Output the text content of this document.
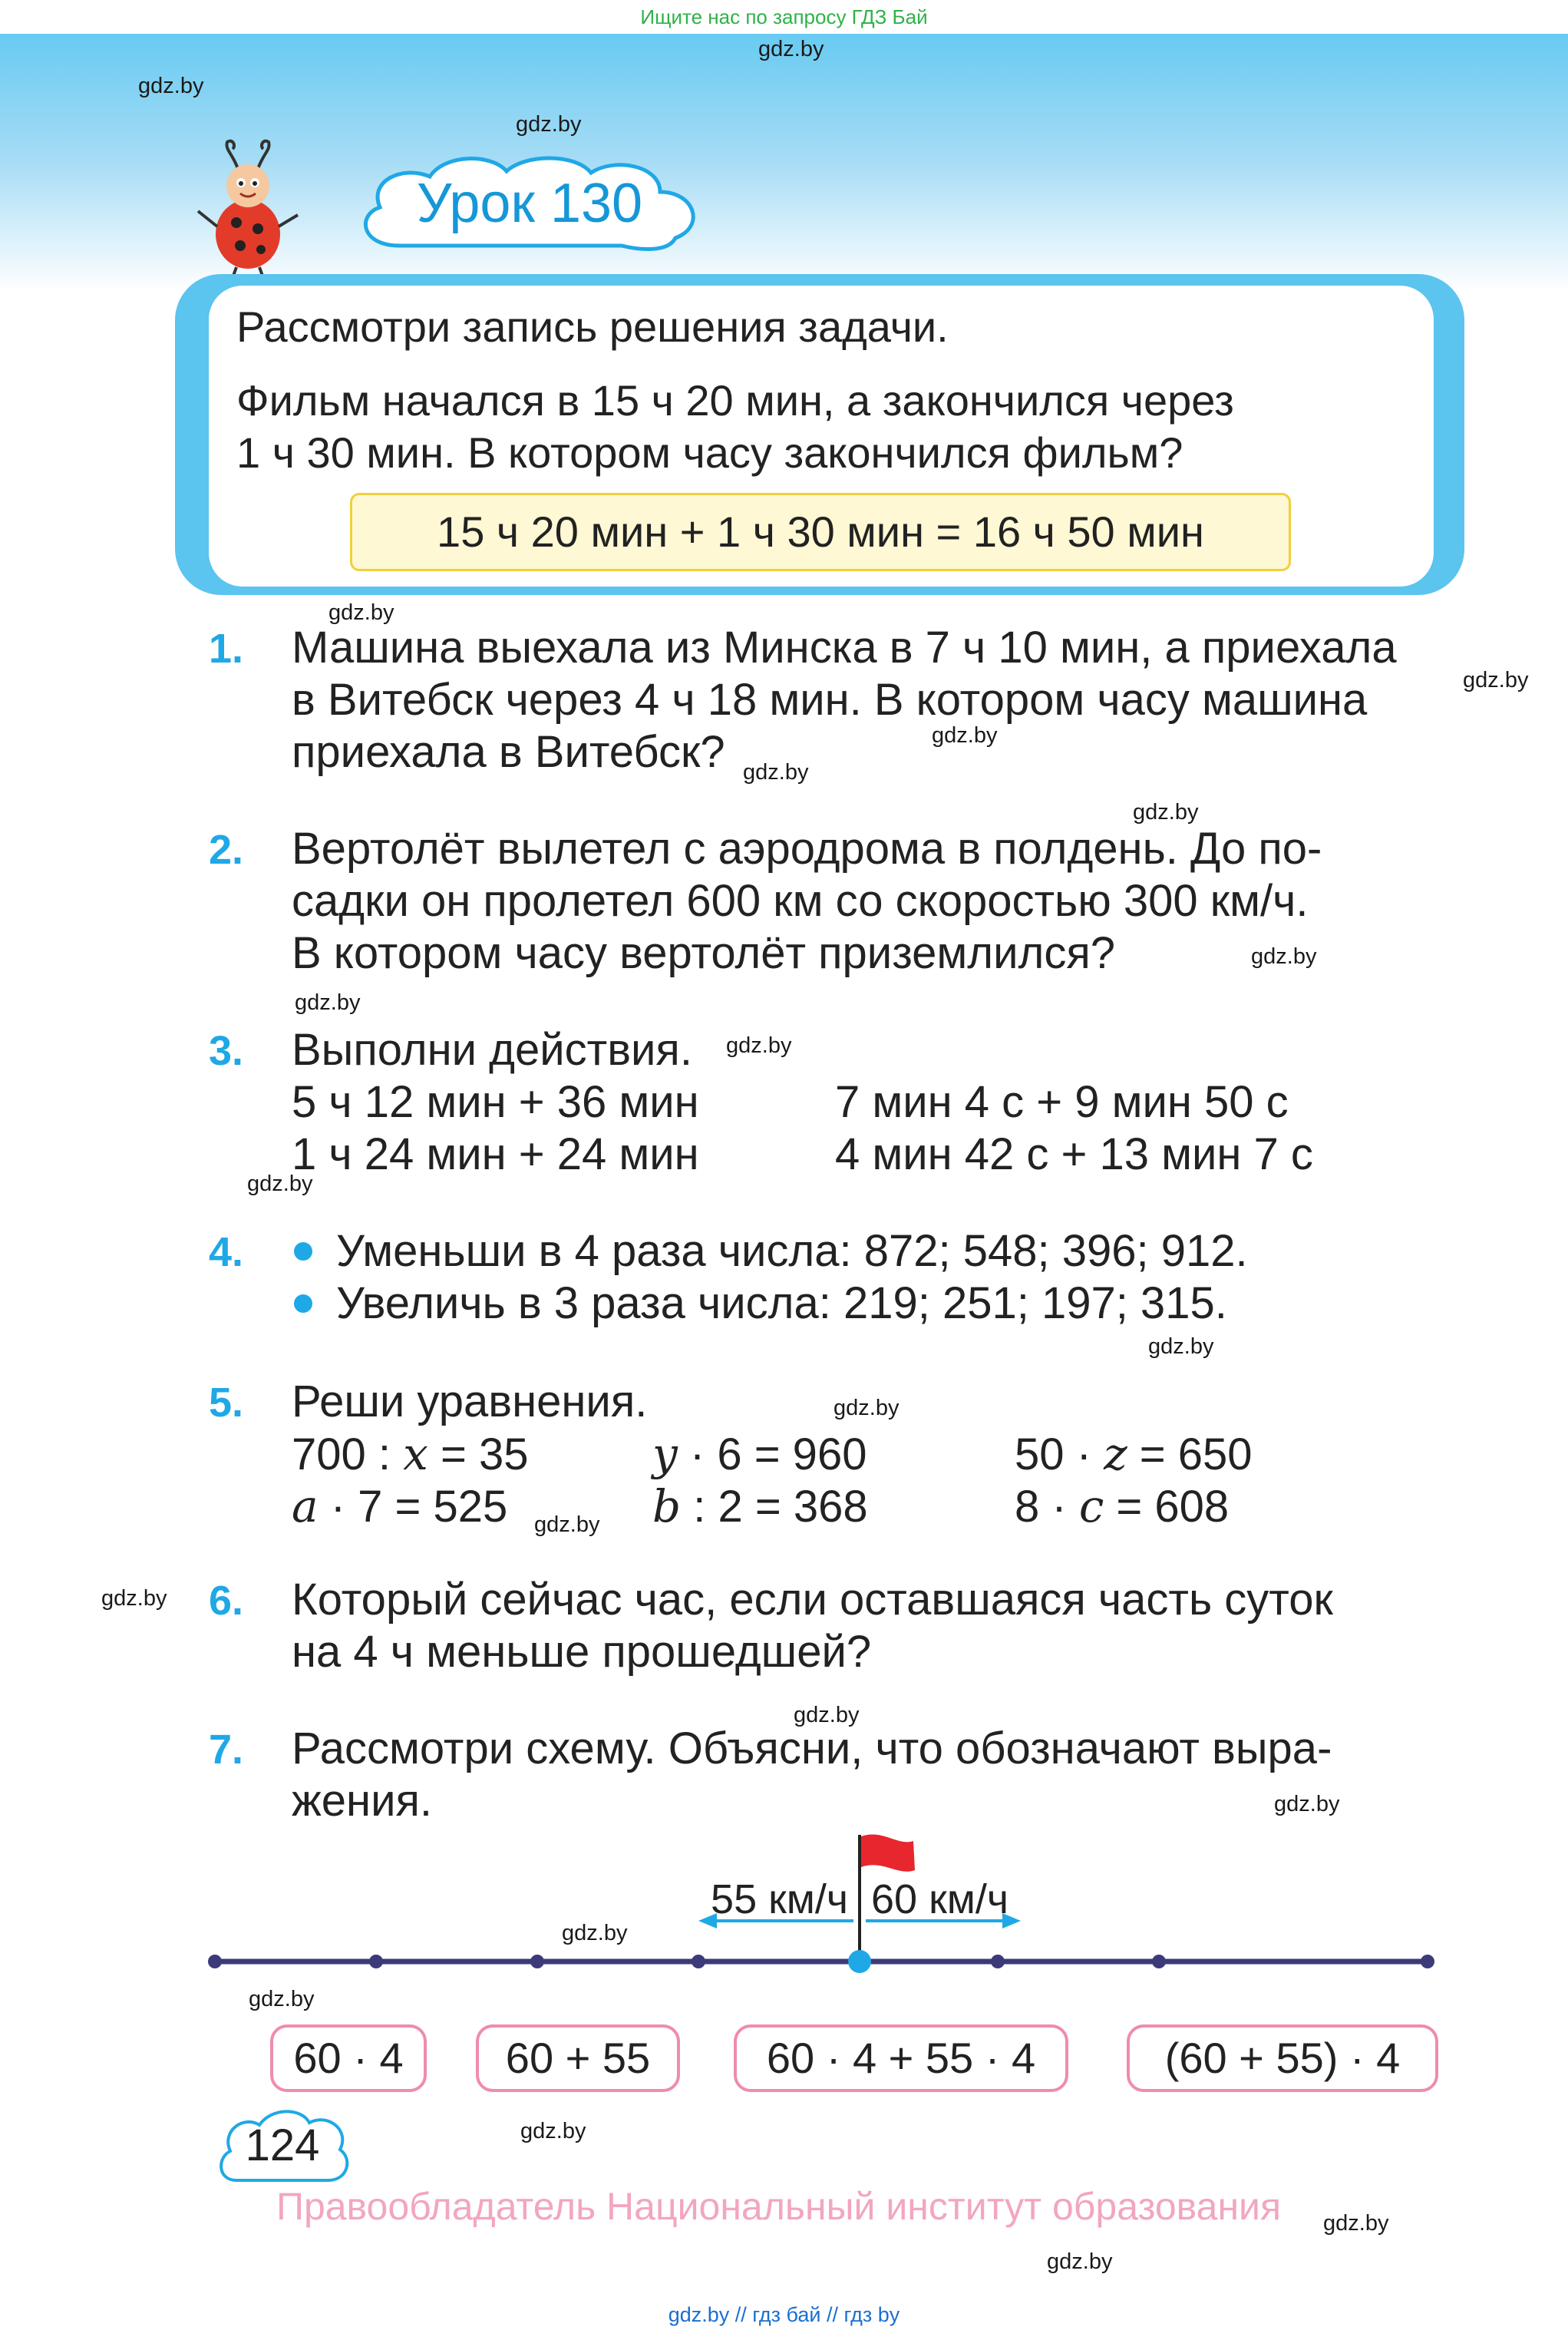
Ищите нас по запросу ГДЗ Бай
gdz.by
gdz.by
gdz.by
gdz.by
gdz.by
gdz.by
gdz.by
gdz.by
gdz.by
gdz.by
gdz.by
gdz.by
gdz.by
gdz.by
gdz.by
gdz.by
gdz.by
gdz.by
gdz.by
gdz.by
gdz.by
gdz.by
gdz.by
Урок 130
Рассмотри запись решения задачи.
Фильм начался в 15 ч 20 мин, а закончился через
1 ч 30 мин. В котором часу закончился фильм?
15 ч 20 мин + 1 ч 30 мин = 16 ч 50 мин
1. Машина выехала из Минска в 7 ч 10 мин, а приехала
в Витебск через 4 ч 18 мин. В котором часу машина
приехала в Витебск?
2. Вертолёт вылетел с аэродрома в полдень. До по-
садки он пролетел 600 км со скоростью 300 км/ч.
В котором часу вертолёт приземлился?
3. Выполни действия.
5 ч 12 мин + 36 мин	7 мин 4 с + 9 мин 50 с
1 ч 24 мин + 24 мин	4 мин 42 с + 13 мин 7 с
4. Уменьши в 4 раза числа: 872; 548; 396; 912.
Увеличь в 3 раза числа: 219; 251; 197; 315.
5. Реши уравнения.
700 : x = 35	y · 6 = 960	50 · z = 650
a · 7 = 525	b : 2 = 368	8 · c = 608
6. Который сейчас час, если оставшаяся часть суток
на 4 ч меньше прошедшей?
7. Рассмотри схему. Объясни, что обозначают выра-
жения.
55 км/ч 60 км/ч
60 · 4	60 + 55	60 · 4 + 55 · 4	(60 + 55) · 4
124
Правообладатель Национальный институт образования
gdz.by // гдз бай // гдз by
